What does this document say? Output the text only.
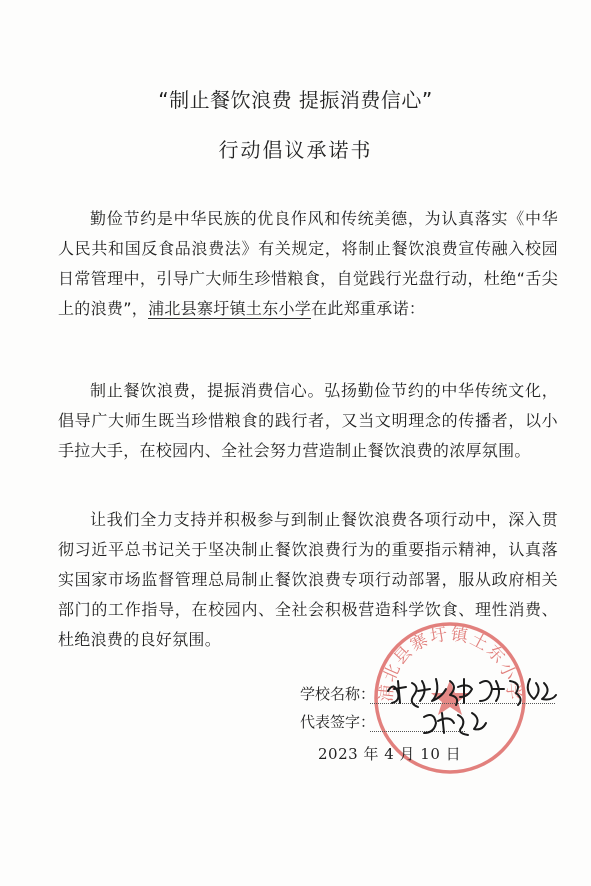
“制止餐饮浪费 提振消费信心”
行动倡议承诺书

勤俭节约是中华民族的优良作风和传统美德，为认真落实《中华人民共和国反食品浪费法》有关规定，将制止餐饮浪费宣传融入校园日常管理中，引导广大师生珍惜粮食，自觉践行光盘行动，杜绝“舌尖上的浪费”，浦北县寨圩镇土东小学在此郑重承诺：

制止餐饮浪费，提振消费信心。弘扬勤俭节约的中华传统文化，倡导广大师生既当珍惜粮食的践行者，又当文明理念的传播者，以小手拉大手，在校园内、全社会努力营造制止餐饮浪费的浓厚氛围。

让我们全力支持并积极参与到制止餐饮浪费各项行动中，深入贯彻习近平总书记关于坚决制止餐饮浪费行为的重要指示精神，认真落实国家市场监督管理总局制止餐饮浪费专项行动部署，服从政府相关部门的工作指导，在校园内、全社会积极营造科学饮食、理性消费、杜绝浪费的良好氛围。

浦北县寨圩镇土东小学
学校名称：
代表签字：
2023 年 4 月 10 日
